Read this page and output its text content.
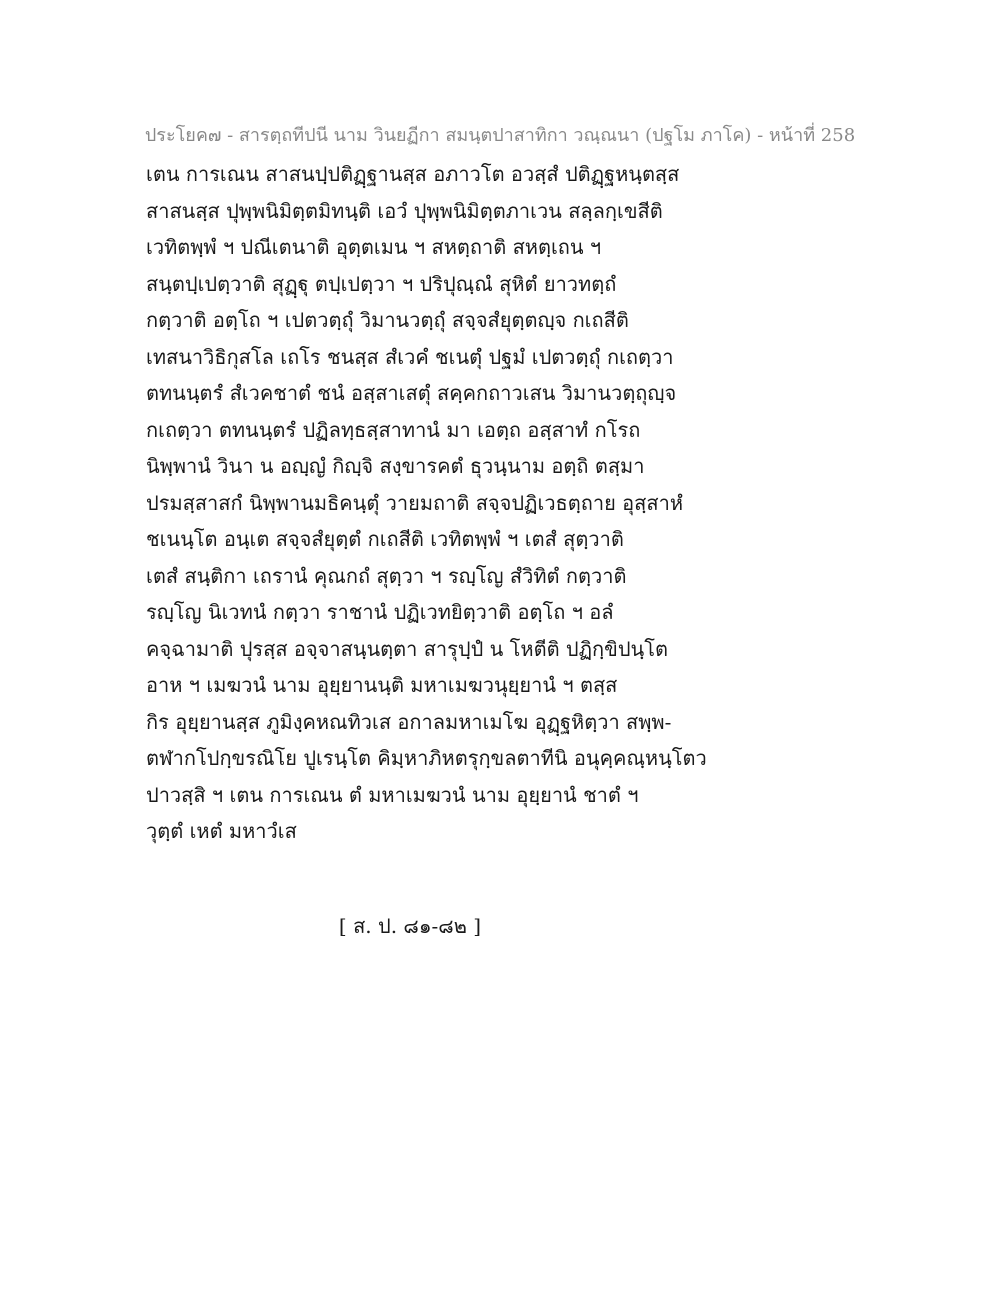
ประโยค๗ - สารตฺถทีปนี นาม วินยฏีกา สมนฺตปาสาทิกา วณฺณนา (ปฐโม ภาโค) - หน้าที่ 258
เตน การเณน สาสนปฺปติฏฺฐานสฺส อภาวโต อวสฺสํ ปติฏฺฐหนฺตสฺส
สาสนสฺส ปุพฺพนิมิตฺตมิทนฺติ เอวํ ปุพฺพนิมิตฺตภาเวน สลฺลกฺเขสีติ
เวทิตพฺพํ ฯ ปณีเตนาติ อุตฺตเมน ฯ สหตฺถาติ สหตฺเถน ฯ
สนฺตปฺเปตฺวาติ สุฏฺฐุ ตปฺเปตฺวา ฯ ปริปุณฺณํ สุหิตํ ยาวทตฺถํ
กตฺวาติ อตฺโถ ฯ เปตวตฺถุํ วิมานวตฺถุํ สจฺจสํยุตฺตญฺจ กเถสีติ
เทสนาวิธิกุสโล เถโร ชนสฺส สํเวคํ ชเนตุํ ปฐมํ เปตวตฺถุํ กเถตฺวา
ตทนนฺตรํ สํเวคชาตํ ชนํ อสฺสาเสตุํ สคฺคกถาวเสน วิมานวตฺถุญฺจ
กเถตฺวา ตทนนฺตรํ ปฏิลทฺธสฺสาทานํ มา เอตฺถ อสฺสาทํ กโรถ
นิพฺพานํ วินา น อญฺญํ กิญฺจิ สงฺขารคตํ ธุวนฺนาม อตฺถิ ตสฺมา
ปรมสฺสาสกํ นิพฺพานมธิคนฺตุํ วายมถาติ สจฺจปฏิเวธตฺถาย อุสฺสาหํ
ชเนนฺโต อนฺเต สจฺจสํยุตฺตํ กเถสีติ เวทิตพฺพํ ฯ เตสํ สุตฺวาติ
เตสํ สนฺติกา เถรานํ คุณกถํ สุตฺวา ฯ รญฺโญ สํวิทิตํ กตฺวาติ
รญฺโญ นิเวทนํ กตฺวา ราชานํ ปฏิเวทยิตฺวาติ อตฺโถ ฯ อลํ
คจฺฉามาติ ปุรสฺส อจฺจาสนฺนตฺตา สารุปฺปํ น โหตีติ ปฏิกฺขิปนฺโต
อาห ฯ เมฆวนํ นาม อุยฺยานนฺติ มหาเมฆวนุยฺยานํ ฯ ตสฺส
กิร อุยฺยานสฺส ภูมิงฺคหณทิวเส อกาลมหาเมโฆ อุฏฺฐหิตฺวา สพฺพ-
ตฬากโปกฺขรณิโย ปูเรนฺโต คิมฺหาภิหตรุกฺขลตาทีนิ อนุคฺคณฺหนฺโตว
ปาวสฺสิ ฯ เตน การเณน ตํ มหาเมฆวนํ นาม อุยฺยานํ ชาตํ ฯ
วุตฺตํ เหตํ มหาวํเส
[ ส. ป. ๘๑-๘๒ ]
